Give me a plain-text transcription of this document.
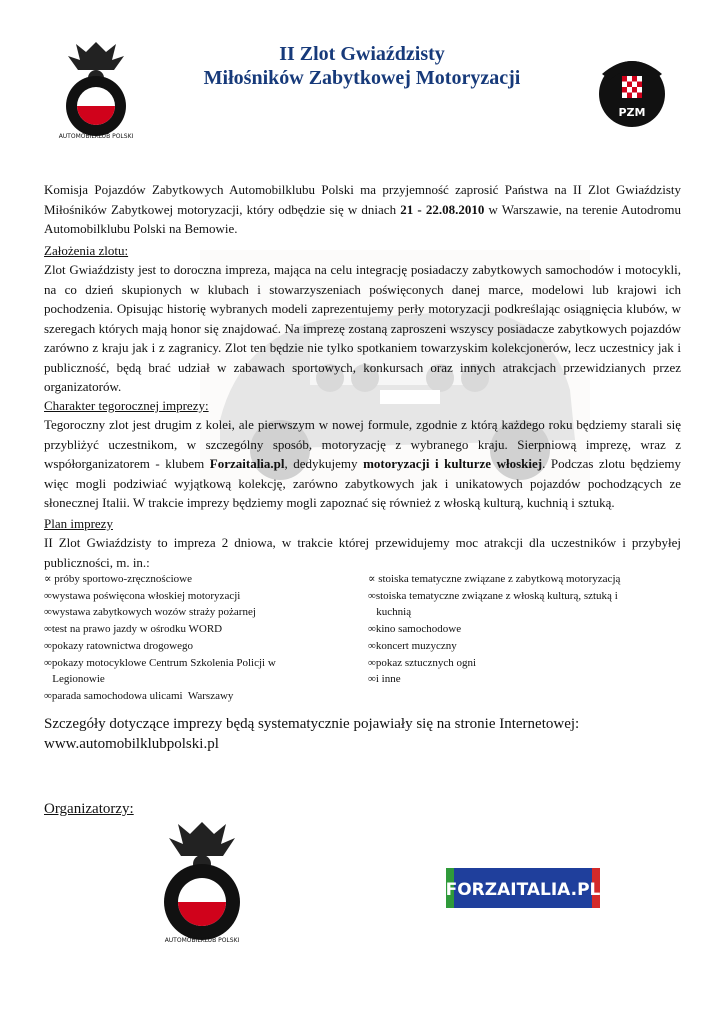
AUTOMOBILKLUB POLSKI
II Zlot Gwiaździsty
Miłośników Zabytkowej Motoryzacji
PZM
Komisja Pojazdów Zabytkowych Automobilklubu Polski ma przyjemność zaprosić Państwa na II Zlot Gwiaździsty Miłośników Zabytkowej motoryzacji, który odbędzie się w dniach 21 - 22.08.2010 w Warszawie, na terenie Autodromu Automobilklubu Polski na Bemowie.
Założenia zlotu:
Zlot Gwiaździsty jest to doroczna impreza, mająca na celu integrację posiadaczy zabytkowych samochodów i motocykli, na co dzień skupionych w klubach i stowarzyszeniach poświęconych danej marce, modelowi lub krajowi ich pochodzenia. Opisując historię wybranych modeli zaprezentujemy perły motoryzacji podkreślając osiągnięcia klubów, w szeregach których mają honor się znajdować. Na imprezę zostaną zaproszeni wszyscy posiadacze zabytkowych pojazdów zarówno z kraju jak i z zagranicy. Zlot ten będzie nie tylko spotkaniem towarzyskim kolekcjonerów, lecz uczestnicy jak i publiczność, będą brać udział w zabawach sportowych, konkursach oraz innych atrakcjach przewidzianych przez organizatorów.
Charakter tegorocznej imprezy:
Tegoroczny zlot jest drugim z kolei, ale pierwszym w nowej formule, zgodnie z którą każdego roku będziemy starali się przybliżyć uczestnikom, w szczególny sposób, motoryzację z wybranego kraju. Sierpniową imprezę, wraz z współorganizatorem - klubem Forzaitalia.pl, dedykujemy motoryzacji i kulturze włoskiej. Podczas zlotu będziemy więc mogli podziwiać wyjątkową kolekcję, zarówno zabytkowych jak i unikatowych pojazdów pochodzących ze słonecznej Italii. W trakcie imprezy będziemy mogli zapoznać się również z włoską kulturą, kuchnią i sztuką.
Plan imprezy
II Zlot Gwiaździsty to impreza 2 dniowa, w trakcie której przewidujemy moc atrakcji dla uczestników i przybyłej publiczności, m. in.:
∝ próby sportowo-zręcznościowe
∞wystawa poświęcona włoskiej motoryzacji
∞wystawa zabytkowych wozów straży pożarnej
∞test na prawo jazdy w ośrodku WORD
∞pokazy ratownictwa drogowego
∞pokazy motocyklowe Centrum Szkolenia Policji w
Legionowie
∞parada samochodowa ulicami  Warszawy
∝ stoiska tematyczne związane z zabytkową motoryzacją
∞stoiska tematyczne związane z włoską kulturą, sztuką i
kuchnią
∞kino samochodowe
∞koncert muzyczny
∞pokaz sztucznych ogni
∞i inne
Szczegóły dotyczące imprezy będą systematycznie pojawiały się na stronie Internetowej:
www.automobilklubpolski.pl
Organizatorzy:
AUTOMOBILKLUB POLSKI
FORZAITALIA.PL
